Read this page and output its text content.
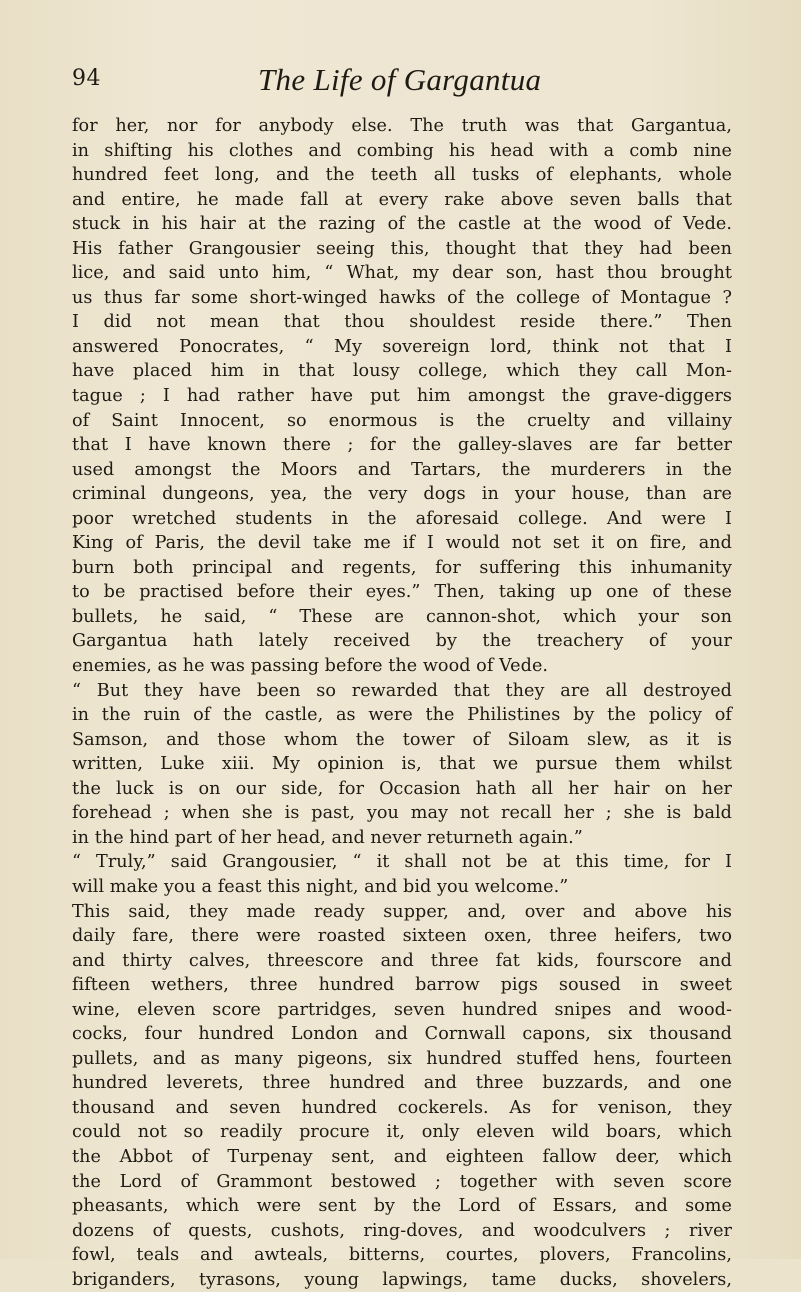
94	The Life of Gargantua
for her, nor for anybody else. The truth was that Gargantua,
in shifting his clothes and combing his head with a comb nine
hundred feet long, and the teeth all tusks of elephants, whole
and entire, he made fall at every rake above seven balls that
stuck in his hair at the razing of the castle at the wood of Vede.
His father Grangousier seeing this, thought that they had been
lice, and said unto him, “ What, my dear son, hast thou brought
us thus far some short-winged hawks of the college of Montague ?
I did not mean that thou shouldest reside there.” Then
answered Ponocrates, “ My sovereign lord, think not that I
have placed him in that lousy college, which they call Mon-
tague ; I had rather have put him amongst the grave-diggers
of Saint Innocent, so enormous is the cruelty and villainy
that I have known there ; for the galley-slaves are far better
used amongst the Moors and Tartars, the murderers in the
criminal dungeons, yea, the very dogs in your house, than are
poor wretched students in the aforesaid college. And were I
King of Paris, the devil take me if I would not set it on fire, and
burn both principal and regents, for suffering this inhumanity
to be practised before their eyes.” Then, taking up one of these
bullets, he said, “ These are cannon-shot, which your son
Gargantua hath lately received by the treachery of your
enemies, as he was passing before the wood of Vede.
“ But they have been so rewarded that they are all destroyed
in the ruin of the castle, as were the Philistines by the policy of
Samson, and those whom the tower of Siloam slew, as it is
written, Luke xiii. My opinion is, that we pursue them whilst
the luck is on our side, for Occasion hath all her hair on her
forehead ; when she is past, you may not recall her ; she is bald
in the hind part of her head, and never returneth again.”
“ Truly,” said Grangousier, “ it shall not be at this time, for I
will make you a feast this night, and bid you welcome.”
This said, they made ready supper, and, over and above his
daily fare, there were roasted sixteen oxen, three heifers, two
and thirty calves, threescore and three fat kids, fourscore and
fifteen wethers, three hundred barrow pigs soused in sweet
wine, eleven score partridges, seven hundred snipes and wood-
cocks, four hundred London and Cornwall capons, six thousand
pullets, and as many pigeons, six hundred stuffed hens, fourteen
hundred leverets, three hundred and three buzzards, and one
thousand and seven hundred cockerels. As for venison, they
could not so readily procure it, only eleven wild boars, which
the Abbot of Turpenay sent, and eighteen fallow deer, which
the Lord of Grammont bestowed ; together with seven score
pheasants, which were sent by the Lord of Essars, and some
dozens of quests, cushots, ring-doves, and woodculvers ; river
fowl, teals and awteals, bitterns, courtes, plovers, Francolins,
briganders, tyrasons, young lapwings, tame ducks, shovelers,
